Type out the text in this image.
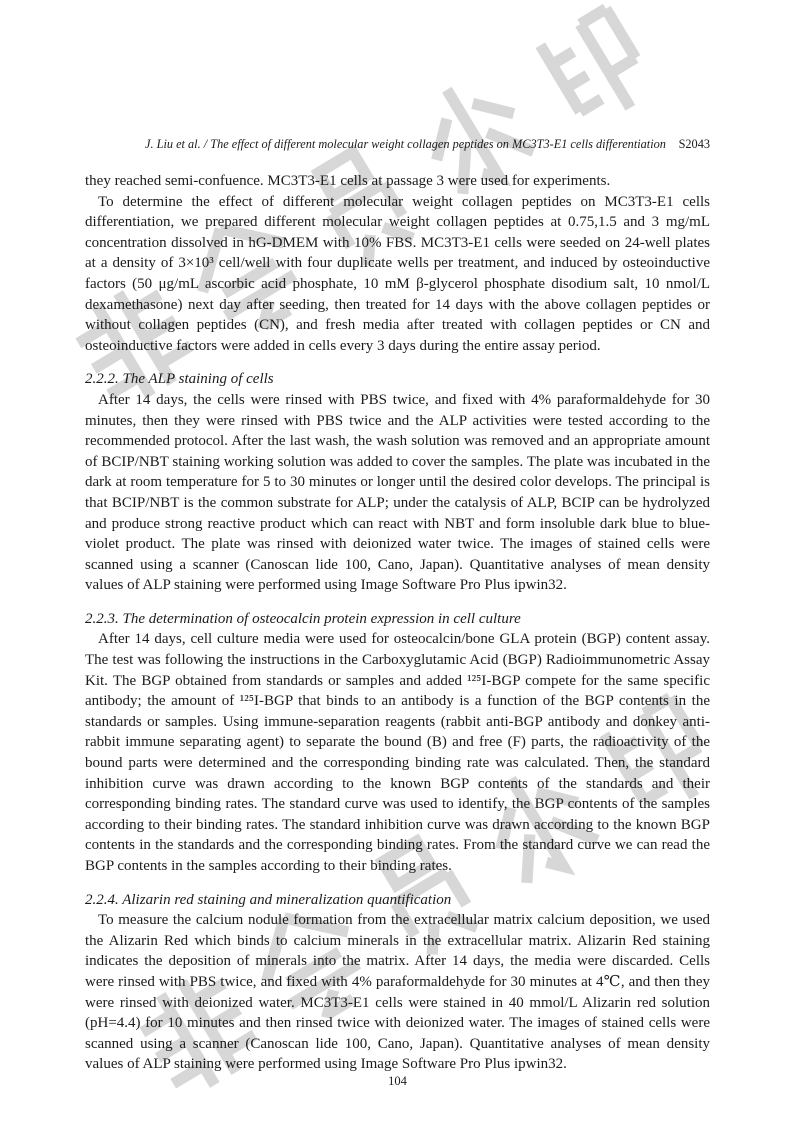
J. Liu et al. / The effect of different molecular weight collagen peptides on MC3T3-E1 cells differentiation	S2043

they reached semi-confuence. MC3T3-E1 cells at passage 3 were used for experiments.

To determine the effect of different molecular weight collagen peptides on MC3T3-E1 cells differentiation, we prepared different molecular weight collagen peptides at 0.75,1.5 and 3 mg/mL concentration dissolved in hG-DMEM with 10% FBS. MC3T3-E1 cells were seeded on 24-well plates at a density of 3×10³ cell/well with four duplicate wells per treatment, and induced by osteoinductive factors (50 μg/mL ascorbic acid phosphate, 10 mM β-glycerol phosphate disodium salt, 10 nmol/L dexamethasone) next day after seeding, then treated for 14 days with the above collagen peptides or without collagen peptides (CN), and fresh media after treated with collagen peptides or CN and osteoinductive factors were added in cells every 3 days during the entire assay period.

2.2.2. The ALP staining of cells

After 14 days, the cells were rinsed with PBS twice, and fixed with 4% paraformaldehyde for 30 minutes, then they were rinsed with PBS twice and the ALP activities were tested according to the recommended protocol. After the last wash, the wash solution was removed and an appropriate amount of BCIP/NBT staining working solution was added to cover the samples. The plate was incubated in the dark at room temperature for 5 to 30 minutes or longer until the desired color develops. The principal is that BCIP/NBT is the common substrate for ALP; under the catalysis of ALP, BCIP can be hydrolyzed and produce strong reactive product which can react with NBT and form insoluble dark blue to blue-violet product. The plate was rinsed with deionized water twice. The images of stained cells were scanned using a scanner (Canoscan lide 100, Cano, Japan). Quantitative analyses of mean density values of ALP staining were performed using Image Software Pro Plus ipwin32.

2.2.3. The determination of osteocalcin protein expression in cell culture

After 14 days, cell culture media were used for osteocalcin/bone GLA protein (BGP) content assay. The test was following the instructions in the Carboxyglutamic Acid (BGP) Radioimmunometric Assay Kit. The BGP obtained from standards or samples and added ¹²⁵I-BGP compete for the same specific antibody; the amount of ¹²⁵I-BGP that binds to an antibody is a function of the BGP contents in the standards or samples. Using immune-separation reagents (rabbit anti-BGP antibody and donkey anti-rabbit immune separating agent) to separate the bound (B) and free (F) parts, the radioactivity of the bound parts were determined and the corresponding binding rate was calculated. Then, the standard inhibition curve was drawn according to the known BGP contents of the standards and their corresponding binding rates. The standard curve was used to identify, the BGP contents of the samples according to their binding rates. The standard inhibition curve was drawn according to the known BGP contents in the standards and the corresponding binding rates. From the standard curve we can read the BGP contents in the samples according to their binding rates.

2.2.4. Alizarin red staining and mineralization quantification

To measure the calcium nodule formation from the extracellular matrix calcium deposition, we used the Alizarin Red which binds to calcium minerals in the extracellular matrix. Alizarin Red staining indicates the deposition of minerals into the matrix. After 14 days, the media were discarded. Cells were rinsed with PBS twice, and fixed with 4% paraformaldehyde for 30 minutes at 4℃, and then they were rinsed with deionized water. MC3T3-E1 cells were stained in 40 mmol/L Alizarin red solution (pH=4.4) for 10 minutes and then rinsed twice with deionized water. The images of stained cells were scanned using a scanner (Canoscan lide 100, Cano, Japan). Quantitative analyses of mean density values of ALP staining were performed using Image Software Pro Plus ipwin32.

104
